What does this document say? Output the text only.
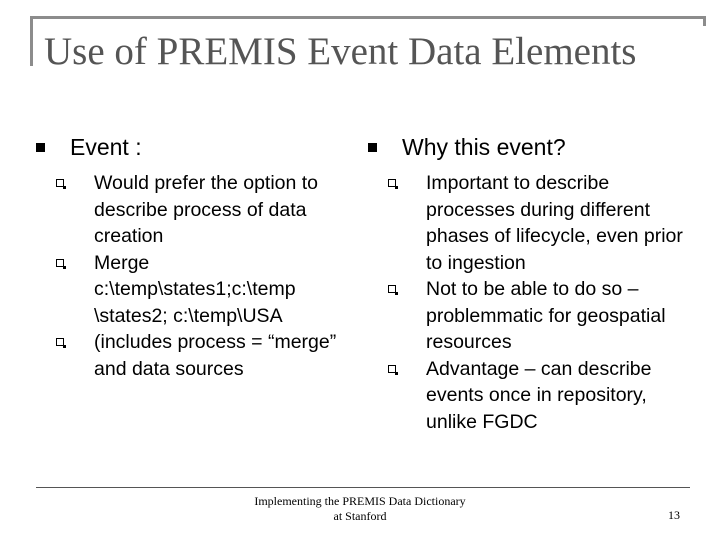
Use of PREMIS Event Data Elements
Event :
Would prefer the option to describe process of data creation
Merge c:\temp\states1;c:\temp \states2; c:\temp\USA
(includes process = “merge” and data sources
Why this event?
Important to describe processes during different phases of lifecycle, even prior to ingestion
Not to be able to do so – problemmatic for geospatial resources
Advantage – can describe events once in repository, unlike FGDC
Implementing the PREMIS Data Dictionary
at Stanford	13
